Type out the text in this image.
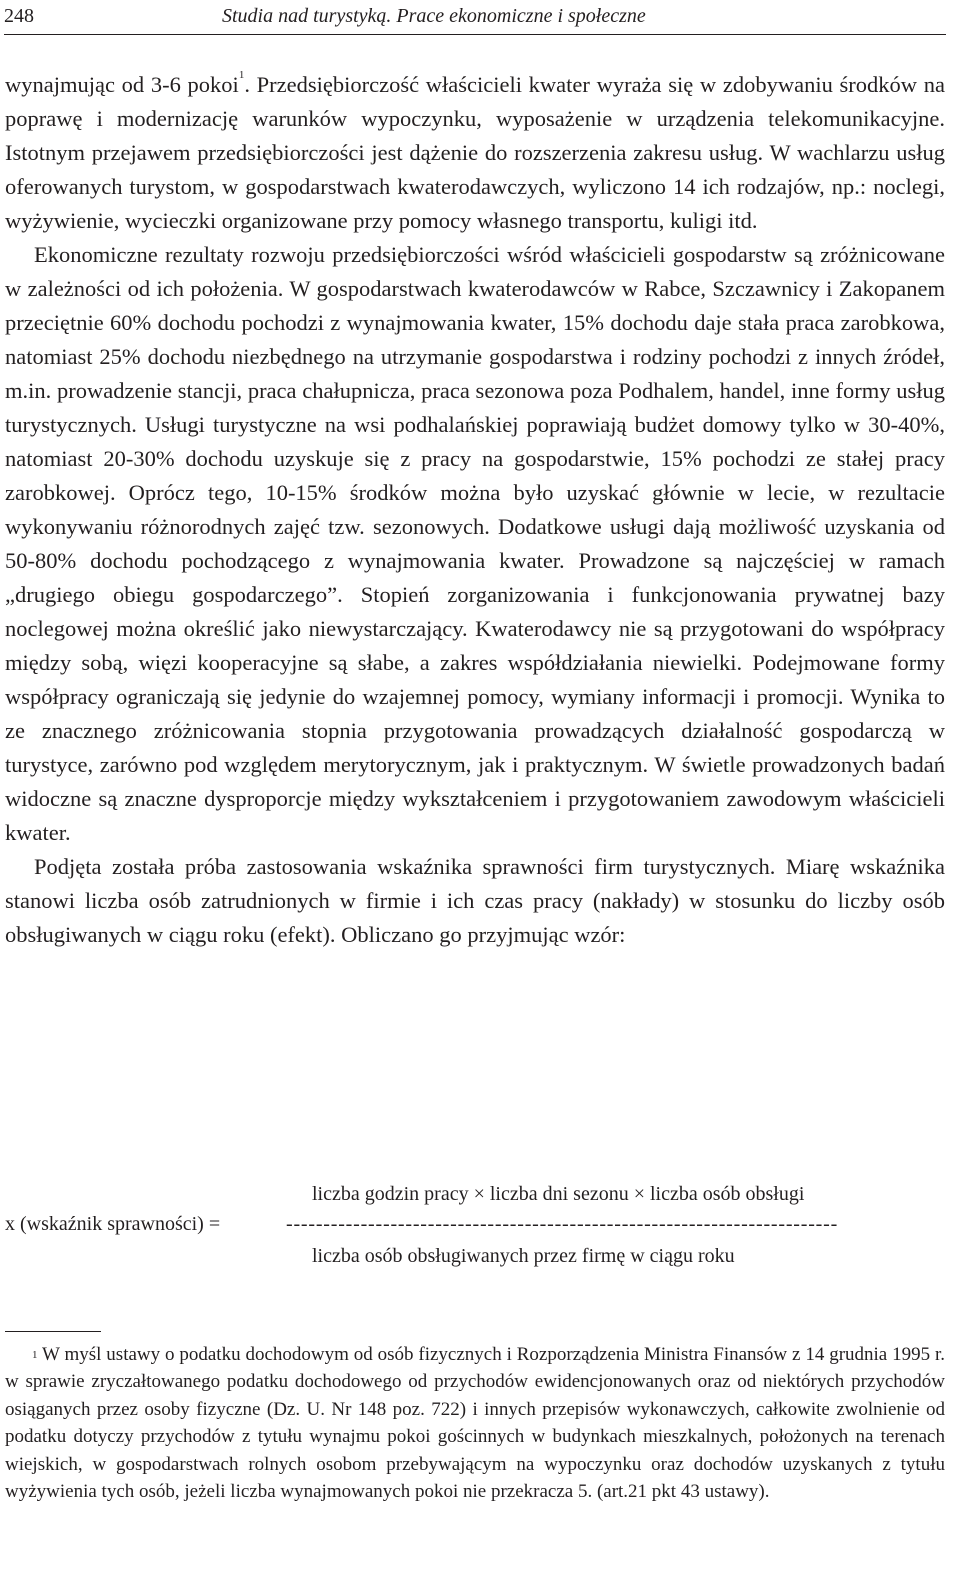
248	Studia nad turystyką. Prace ekonomiczne i społeczne

wynajmując od 3-6 pokoi$^1$. Przedsiębiorczość właścicieli kwater wyraża się w zdobywaniu środków na poprawę i modernizację warunków wypoczynku, wyposażenie w urządzenia telekomunikacyjne. Istotnym przejawem przedsiębiorczości jest dążenie do rozszerzenia zakresu usług. W wachlarzu usług oferowanych turystom, w gospodarstwach kwaterodawczych, wyliczono 14 ich rodzajów, np.: noclegi, wyżywienie, wycieczki organizowane przy pomocy własnego transportu, kuligi itd.

Ekonomiczne rezultaty rozwoju przedsiębiorczości wśród właścicieli gospodarstw są zróżnicowane w zależności od ich położenia. W gospodarstwach kwaterodawców w Rabce, Szczawnicy i Zakopanem przeciętnie 60% dochodu pochodzi z wynajmowania kwater, 15% dochodu daje stała praca zarobkowa, natomiast 25% dochodu niezbędnego na utrzymanie gospodarstwa i rodziny pochodzi z innych źródeł, m.in. prowadzenie stancji, praca chałupnicza, praca sezonowa poza Podhalem, handel, inne formy usług turystycznych. Usługi turystyczne na wsi podhalańskiej poprawiają budżet domowy tylko w 30-40%, natomiast 20-30% dochodu uzyskuje się z pracy na gospodarstwie, 15% pochodzi ze stałej pracy zarobkowej. Oprócz tego, 10-15% środków można było uzyskać głównie w lecie, w rezultacie wykonywaniu różnorodnych zajęć tzw. sezonowych. Dodatkowe usługi dają możliwość uzyskania od 50-80% dochodu pochodzącego z wynajmowania kwater. Prowadzone są najczęściej w ramach „drugiego obiegu gospodarczego”. Stopień zorganizowania i funkcjonowania prywatnej bazy noclegowej można określić jako niewystarczający. Kwaterodawcy nie są przygotowani do współpracy między sobą, więzi kooperacyjne są słabe, a zakres współdziałania niewielki. Podejmowane formy współpracy ograniczają się jedynie do wzajemnej pomocy, wymiany informacji i promocji. Wynika to ze znacznego zróżnicowania stopnia przygotowania prowadzących działalność gospodarczą w turystyce, zarówno pod względem merytorycznym, jak i praktycznym. W świetle prowadzonych badań widoczne są znaczne dysproporcje między wykształceniem i przygotowaniem zawodowym właścicieli kwater.

Podjęta została próba zastosowania wskaźnika sprawności firm turystycznych. Miarę wskaźnika stanowi liczba osób zatrudnionych w firmie i ich czas pracy (nakłady) w stosunku do liczby osób obsługiwanych w ciągu roku (efekt). Obliczano go przyjmując wzór:

liczba godzin pracy × liczba dni sezonu × liczba osób obsługi
x (wskaźnik sprawności) =	--------------------------------------------------------------------------
liczba osób obsługiwanych przez firmę w ciągu roku

$^1$ W myśl ustawy o podatku dochodowym od osób fizycznych i Rozporządzenia Ministra Finansów z 14 grudnia 1995 r. w sprawie zryczałtowanego podatku dochodowego od przychodów ewidencjonowanych oraz od niektórych przychodów osiąganych przez osoby fizyczne (Dz. U. Nr 148 poz. 722) i innych przepisów wykonawczych, całkowite zwolnienie od podatku dotyczy przychodów z tytułu wynajmu pokoi gościnnych w budynkach mieszkalnych, położonych na terenach wiejskich, w gospodarstwach rolnych osobom przebywającym na wypoczynku oraz dochodów uzyskanych z tytułu wyżywienia tych osób, jeżeli liczba wynajmowanych pokoi nie przekracza 5. (art.21 pkt 43 ustawy).
